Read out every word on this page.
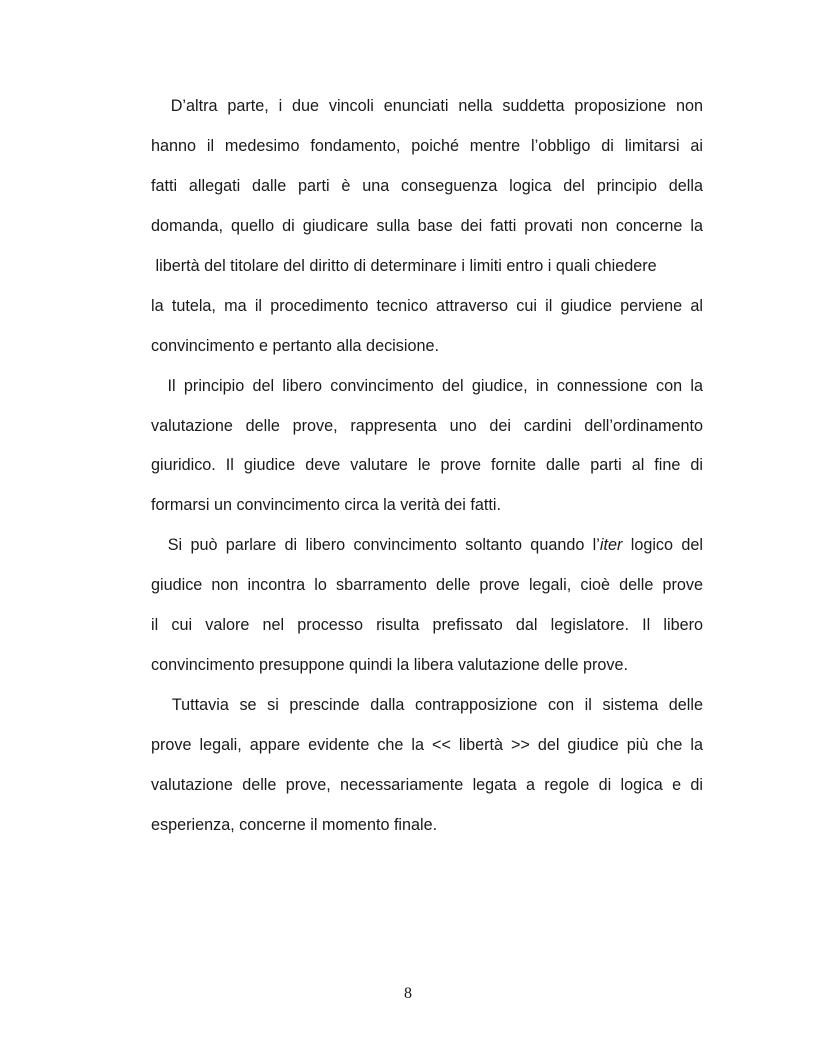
D’altra parte, i due vincoli enunciati nella suddetta proposizione non
hanno il medesimo fondamento, poiché mentre l’obbligo di limitarsi ai
fatti allegati dalle parti è una conseguenza logica del principio della
domanda, quello di giudicare sulla base dei fatti provati non concerne la
libertà del titolare del diritto di determinare i limiti entro i quali chiedere
la tutela, ma il procedimento tecnico attraverso cui il giudice perviene al
convincimento e pertanto alla decisione.
Il principio del libero convincimento del giudice, in connessione con la
valutazione delle prove, rappresenta uno dei cardini dell’ordinamento
giuridico. Il giudice deve valutare le prove fornite dalle parti al fine di
formarsi un convincimento circa la verità dei fatti.
Si può parlare di libero convincimento soltanto quando l’iter logico del
giudice non incontra lo sbarramento delle prove legali, cioè delle prove
il cui valore nel processo risulta prefissato dal legislatore. Il libero
convincimento presuppone quindi la libera valutazione delle prove.
Tuttavia se si prescinde dalla contrapposizione con il sistema delle
prove legali, appare evidente che la << libertà >> del giudice più che la
valutazione delle prove, necessariamente legata a regole di logica e di
esperienza, concerne il momento finale.
8
